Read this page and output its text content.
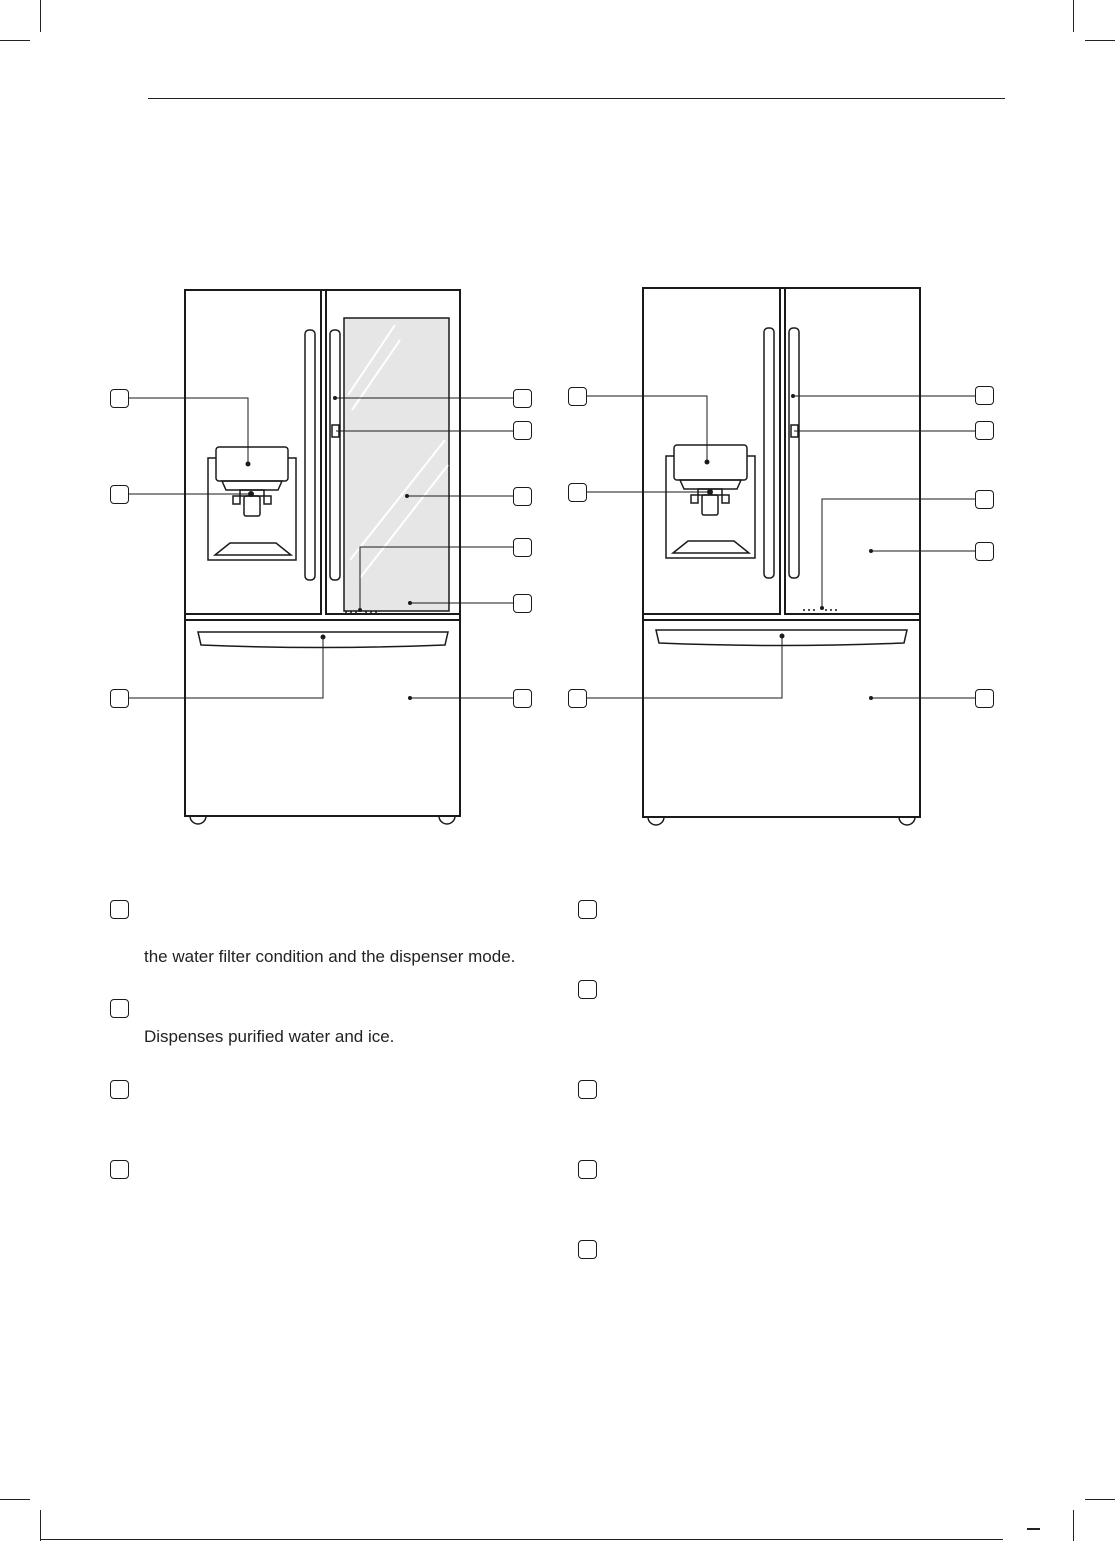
the water filter condition and the dispenser mode.
Dispenses purified water and ice.
